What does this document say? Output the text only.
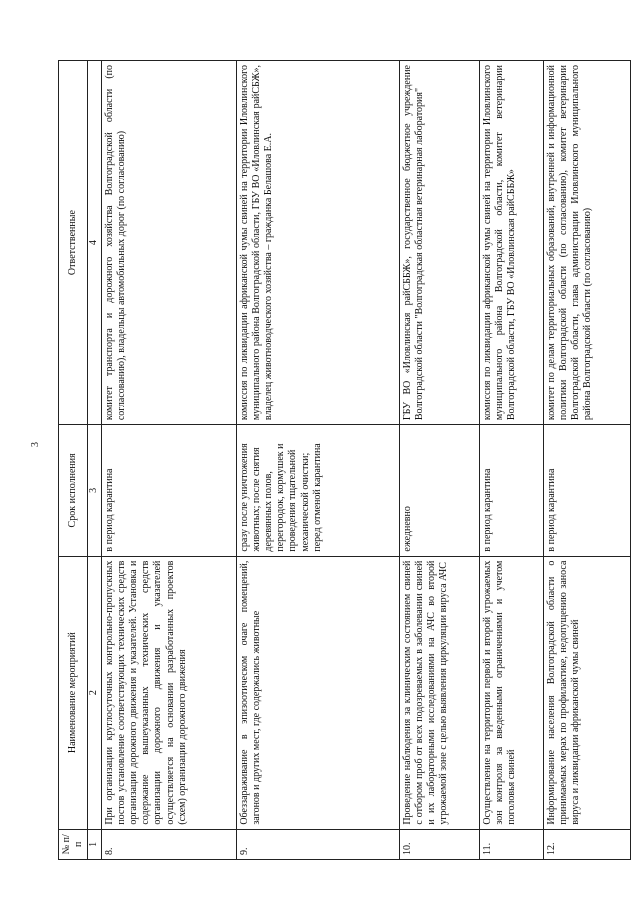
3
№ п/п	Наименование мероприятий	Срок исполнения	Ответственные
1	2	3	4
8.	При организации круглосуточных контрольно-пропускных постов установление соответствующих технических средств организации дорожного движения и указателей. Установка и содержание вышеуказанных технических средств организации дорожного движения и указателей осуществляется на основании разработанных проектов (схем) организации дорожного движения	в период карантина	комитет транспорта и дорожного хозяйства Волгоградской области (по согласованию), владельцы автомобильных дорог (по согласованию)
9.	Обеззараживание в эпизоотическом очаге помещений, загонов и других мест, где содержались животные	сразу после уничтожения животных; после снятия деревянных полов, перегородок, кормушек и проведения тщательной механической очистки; перед отменой карантина	комиссия по ликвидации африканской чумы свиней на территории Иловлинского муниципального района Волгоградской области, ГБУ ВО «Иловлинская райСБЖ», владелец животноводческого хозяйства – гражданка Белашова Е.А.
10.	Проведение наблюдения за клиническим состоянием свиней с отбором проб от всех подозреваемых в заболевании свиней и их лабораторными исследованиями на АЧС во второй угрожаемой зоне с целью выявления циркуляции вируса АЧС	ежедневно	ГБУ ВО «Иловлинская райСББЖ», государственное бюджетное учреждение Волгоградской области "Волгоградская областная ветеринарная лаборатория"
11.	Осуществление на территории первой и второй угрожаемых зон контроля за введенными ограничениями и учетом поголовья свиней	в период карантина	комиссия по ликвидации африканской чумы свиней на территории Иловлинского муниципального района Волгоградской области, комитет ветеринарии Волгоградской области, ГБУ ВО «Иловлинская райСББЖ»
12.	Информирование населения Волгоградской области о принимаемых мерах по профилактике, недопущению заноса вируса и ликвидации африканской чумы свиней	в период карантина	комитет по делам территориальных образований, внутренней и информационной политики Волгоградской области (по согласованию), комитет ветеринарии Волгоградской области, глава администрации Иловлинского муниципального района Волгоградской области (по согласованию)
